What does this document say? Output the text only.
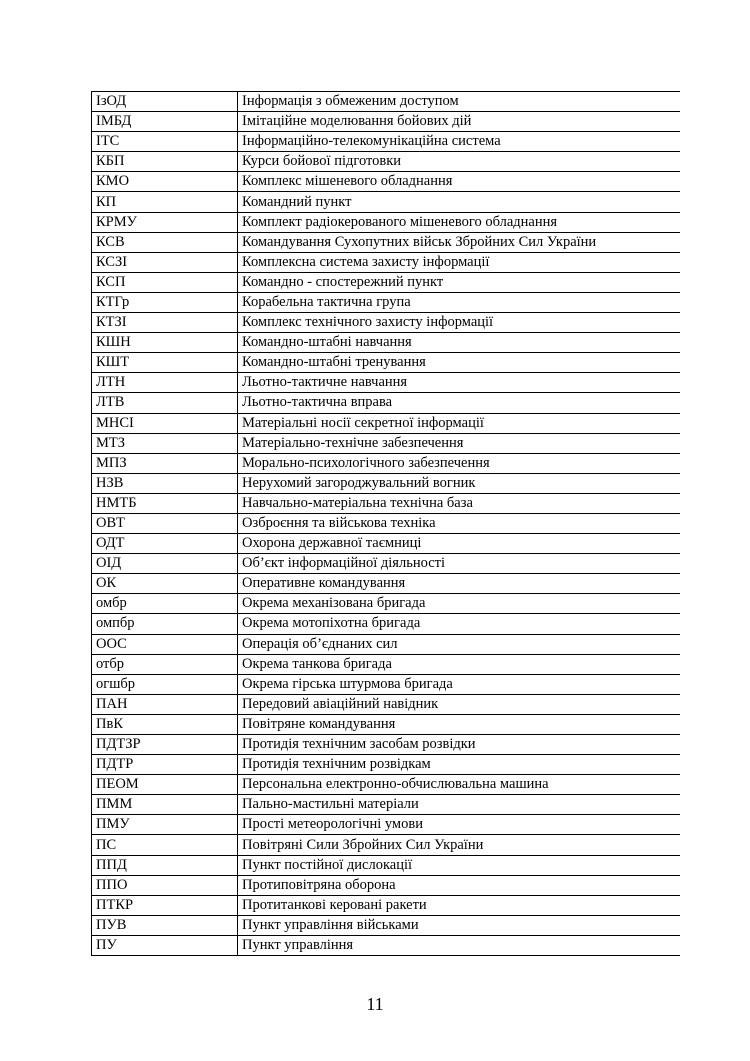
ІзОД	Інформація з обмеженим доступом
ІМБД	Імітаційне моделювання бойових дій
ІТС	Інформаційно-телекомунікаційна система
КБП	Курси бойової підготовки
КМО	Комплекс мішеневого обладнання
КП	Командний пункт
КРМУ	Комплект радіокерованого мішеневого обладнання
КСВ	Командування Сухопутних військ Збройних Сил України
КСЗІ	Комплексна система захисту інформації
КСП	Командно - спостережний пункт
КТГр	Корабельна тактична група
КТЗІ	Комплекс технічного захисту інформації
КШН	Командно-штабні навчання
КШТ	Командно-штабні тренування
ЛТН	Льотно-тактичне навчання
ЛТВ	Льотно-тактична вправа
МНСІ	Матеріальні носії секретної інформації
МТЗ	Матеріально-технічне забезпечення
МПЗ	Морально-психологічного забезпечення
НЗВ	Нерухомий загороджувальний вогник
НМТБ	Навчально-матеріальна технічна база
ОВТ	Озброєння та військова техніка
ОДТ	Охорона державної таємниці
ОІД	Об’єкт інформаційної діяльності
ОК	Оперативне командування
омбр	Окрема механізована бригада
омпбр	Окрема мотопіхотна бригада
ООС	Операція об’єднаних сил
отбр	Окрема танкова бригада
огшбр	Окрема гірська штурмова бригада
ПАН	Передовий авіаційний навідник
ПвК	Повітряне командування
ПДТЗР	Протидія технічним засобам розвідки
ПДТР	Протидія технічним розвідкам
ПЕОМ	Персональна електронно-обчислювальна машина
ПММ	Пально-мастильні матеріали
ПМУ	Прості метеорологічні умови
ПС	Повітряні Сили Збройних Сил України
ППД	Пункт постійної дислокації
ППО	Протиповітряна оборона
ПТКР	Протитанкові керовані ракети
ПУВ	Пункт управління військами
ПУ	Пункт управління
11
